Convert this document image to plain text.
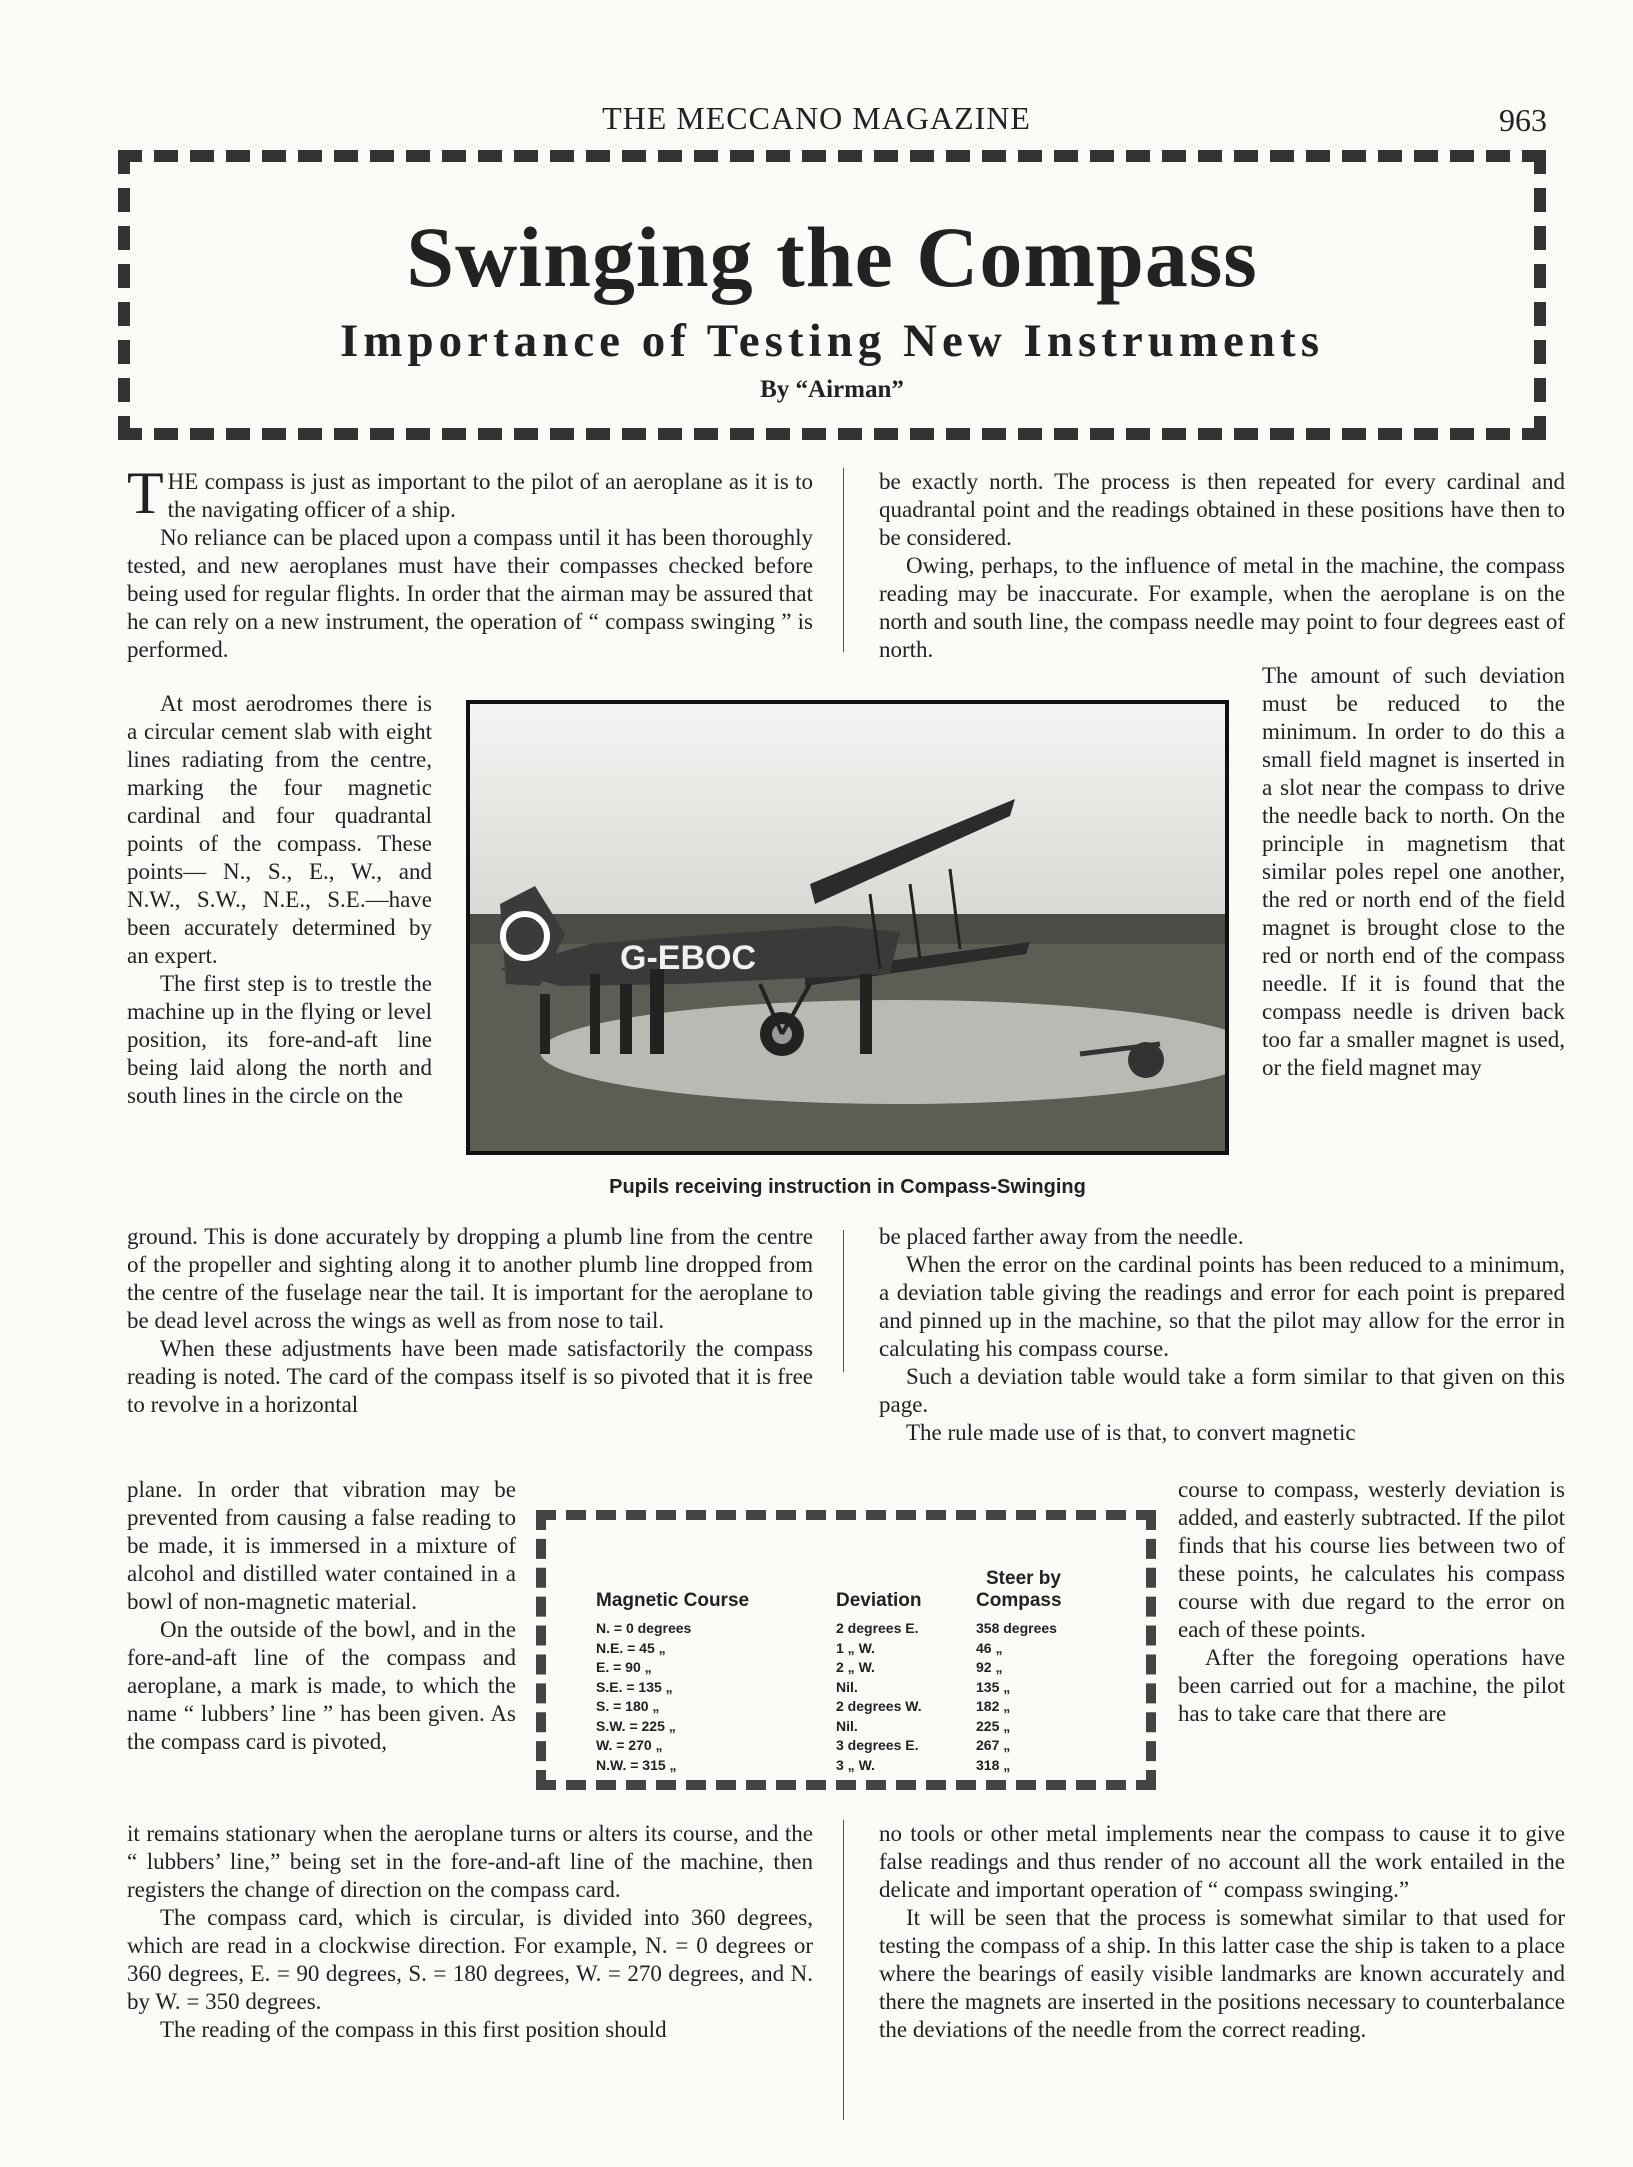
THE MECCANO MAGAZINE	963
Swinging the Compass
Importance of Testing New Instruments
By “Airman”

THE compass is just as important to the pilot of an aeroplane as it is to the navigating officer of a ship.

No reliance can be placed upon a compass until it has been thoroughly tested, and new aeroplanes must have their compasses checked before being used for regular flights. In order that the airman may be assured that he can rely on a new instrument, the operation of “ compass swinging ” is performed.

At most aerodromes there is a circular cement slab with eight lines radiating from the centre, marking the four magnetic cardinal and four quadrantal points of the compass. These points— N., S., E., W., and N.W., S.W., N.E., S.E.—have been accurately determined by an expert.

The first step is to trestle the machine up in the flying or level position, its fore-and-aft line being laid along the north and south lines in the circle on the

G-EBOC
Pupils receiving instruction in Compass-Swinging

be exactly north. The process is then repeated for every cardinal and quadrantal point and the readings obtained in these positions have then to be considered.

Owing, perhaps, to the influence of metal in the machine, the compass reading may be inaccurate. For example, when the aeroplane is on the north and south line, the compass needle may point to four degrees east of north.

The amount of such deviation must be reduced to the minimum. In order to do this a small field magnet is inserted in a slot near the compass to drive the needle back to north. On the principle in magnetism that similar poles repel one another, the red or north end of the field magnet is brought close to the red or north end of the compass needle. If it is found that the compass needle is driven back too far a smaller magnet is used, or the field magnet may

ground. This is done accurately by dropping a plumb line from the centre of the propeller and sighting along it to another plumb line dropped from the centre of the fuselage near the tail. It is important for the aeroplane to be dead level across the wings as well as from nose to tail.

When these adjustments have been made satisfactorily the compass reading is noted. The card of the compass itself is so pivoted that it is free to revolve in a horizontal

plane. In order that vibration may be prevented from causing a false reading to be made, it is immersed in a mixture of alcohol and distilled water contained in a bowl of non-magnetic material.

On the outside of the bowl, and in the fore-and-aft line of the compass and aeroplane, a mark is made, to which the name “ lubbers’ line ” has been given. As the compass card is pivoted,

be placed farther away from the needle.

When the error on the cardinal points has been reduced to a minimum, a deviation table giving the readings and error for each point is prepared and pinned up in the machine, so that the pilot may allow for the error in calculating his compass course.

Such a deviation table would take a form similar to that given on this page.

The rule made use of is that, to convert magnetic

course to compass, westerly deviation is added, and easterly subtracted. If the pilot finds that his course lies between two of these points, he calculates his compass course with due regard to the error on each of these points.

After the foregoing operations have been carried out for a machine, the pilot has to take care that there are

Magnetic Course	Deviation
Steer by
Compass
N. = 0 degrees	2 degrees E.	358 degrees
N.E. = 45 „	1 „ W.	46 „
E. = 90 „	2 „ W.	92 „
S.E. = 135 „	Nil.	135 „
S. = 180 „	2 degrees W.	182 „
S.W. = 225 „	Nil.	225 „
W. = 270 „	3 degrees E.	267 „
N.W. = 315 „	3 „ W.	318 „

it remains stationary when the aeroplane turns or alters its course, and the “ lubbers’ line,” being set in the fore-and-aft line of the machine, then registers the change of direction on the compass card.

The compass card, which is circular, is divided into 360 degrees, which are read in a clockwise direction. For example, N. = 0 degrees or 360 degrees, E. = 90 degrees, S. = 180 degrees, W. = 270 degrees, and N. by W. = 350 degrees.

The reading of the compass in this first position should

no tools or other metal implements near the compass to cause it to give false readings and thus render of no account all the work entailed in the delicate and important operation of “ compass swinging.”

It will be seen that the process is somewhat similar to that used for testing the compass of a ship. In this latter case the ship is taken to a place where the bearings of easily visible landmarks are known accurately and there the magnets are inserted in the positions necessary to counterbalance the deviations of the needle from the correct reading.
